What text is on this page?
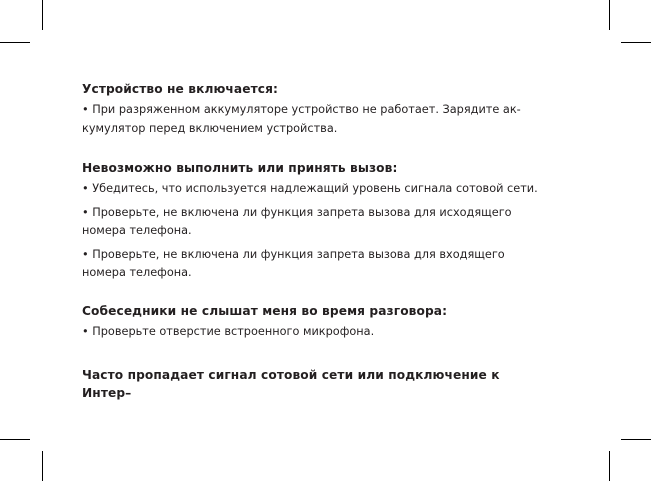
Устройство не включается:

• При разряженном аккумуляторе устройство не работает. Зарядите ак-

кумулятор перед включением устройства.

Невозможно выполнить или принять вызов:

• Убедитесь, что используется надлежащий уровень сигнала сотовой сети.

• Проверьте, не включена ли функция запрета вызова для исходящего

номера телефона.

• Проверьте, не включена ли функция запрета вызова для входящего

номера телефона.

Собеседники не слышат меня во время разговора:

• Проверьте отверстие встроенного микрофона.

Часто пропадает сигнал сотовой сети или подключение к Интер–
